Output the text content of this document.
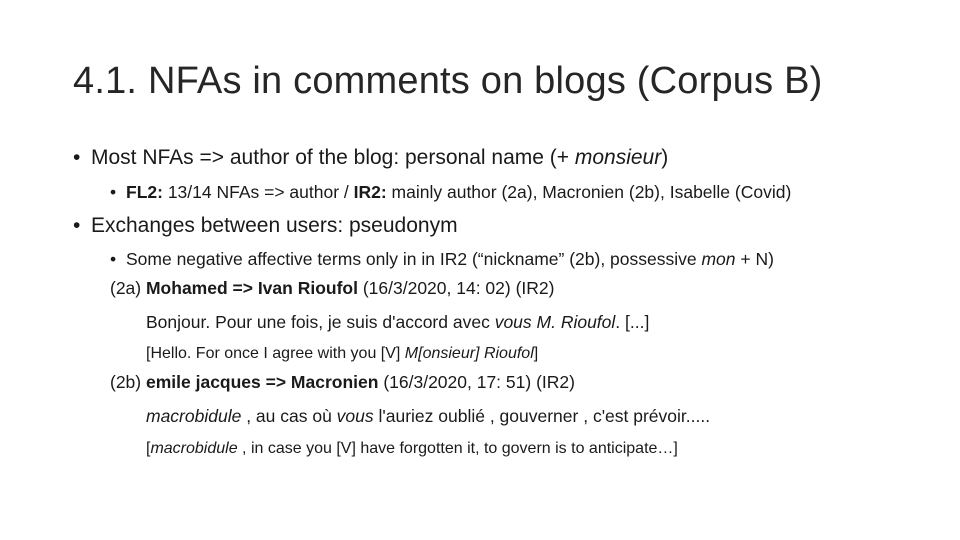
4.1. NFAs in comments on blogs (Corpus B)
• Most NFAs => author of the blog: personal name (+ monsieur)
• FL2: 13/14 NFAs => author / IR2: mainly author (2a), Macronien (2b), Isabelle (Covid)
• Exchanges between users: pseudonym
• Some negative affective terms only in in IR2 (“nickname” (2b), possessive mon + N)
(2a) Mohamed => Ivan Rioufol (16/3/2020, 14: 02) (IR2)
Bonjour. Pour une fois, je suis d'accord avec vous M. Rioufol. [...]
[Hello. For once I agree with you [V] M[onsieur] Rioufol]
(2b) emile jacques => Macronien (16/3/2020, 17: 51) (IR2)
macrobidule , au cas où vous l'auriez oublié , gouverner , c'est prévoir.....
[macrobidule , in case you [V] have forgotten it, to govern is to anticipate…]
